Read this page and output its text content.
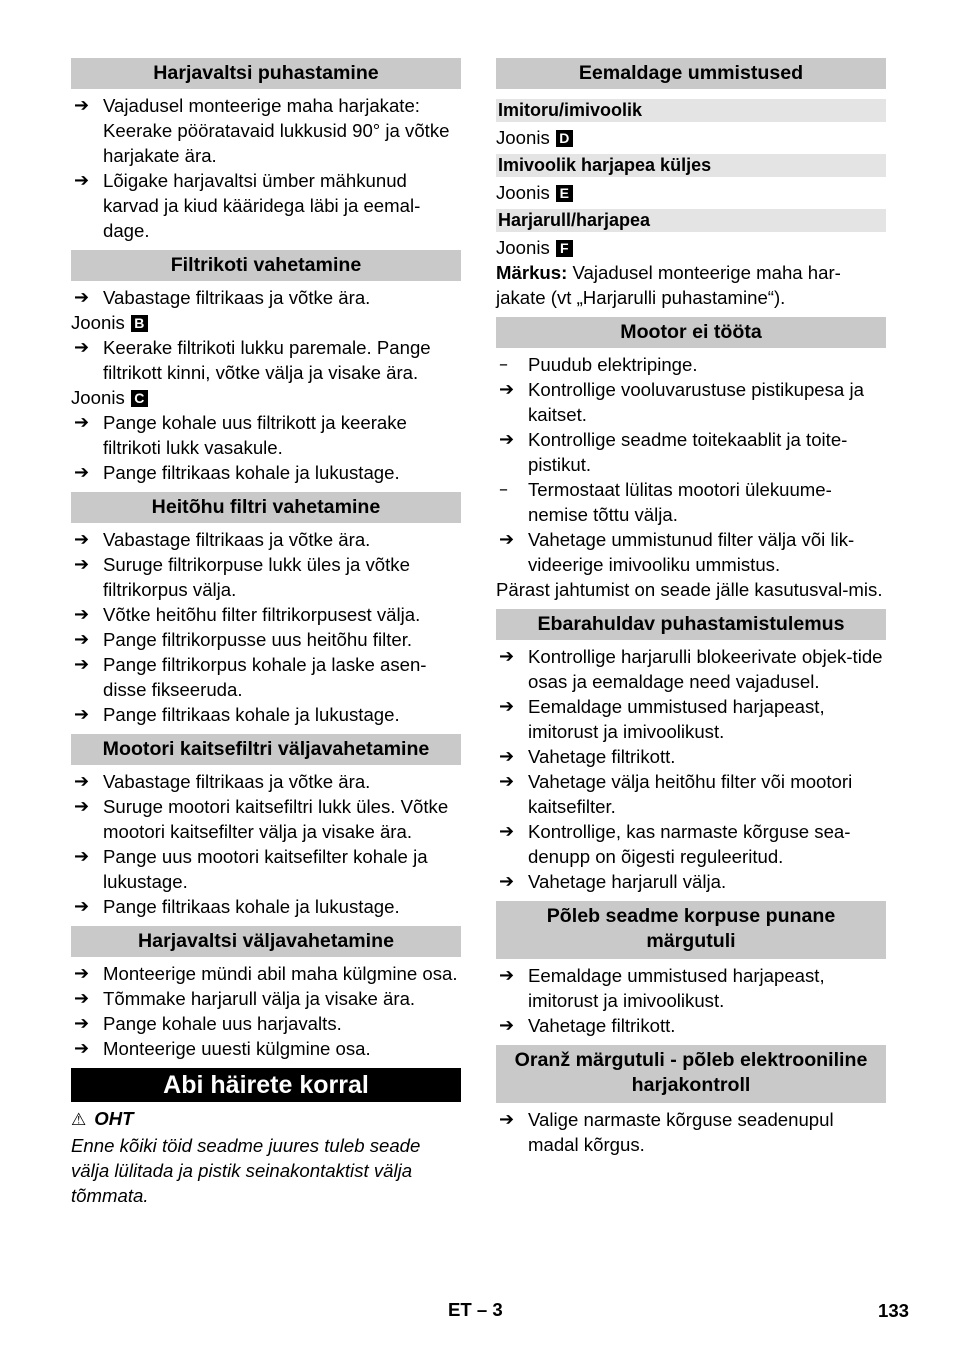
Harjavaltsi puhastamine
➔ Vajadusel monteerige maha harjakate: Keerake pööratavaid lukkusid 90° ja võtke harjakate ära.
➔ Lõigake harjavaltsi ümber mähkunud karvad ja kiud kääridega läbi ja eemal-dage.
Filtrikoti vahetamine
➔ Vabastage filtrikaas ja võtke ära.
Joonis B
➔ Keerake filtrikoti lukku paremale. Pange filtrikott kinni, võtke välja ja visake ära.
Joonis C
➔ Pange kohale uus filtrikott ja keerake filtrikoti lukk vasakule.
➔ Pange filtrikaas kohale ja lukustage.
Heitõhu filtri vahetamine
➔ Vabastage filtrikaas ja võtke ära.
➔ Suruge filtrikorpuse lukk üles ja võtke filtrikorpus välja.
➔ Võtke heitõhu filter filtrikorpusest välja.
➔ Pange filtrikorpusse uus heitõhu filter.
➔ Pange filtrikorpus kohale ja laske asen-disse fikseeruda.
➔ Pange filtrikaas kohale ja lukustage.
Mootori kaitsefiltri väljavahetamine
➔ Vabastage filtrikaas ja võtke ära.
➔ Suruge mootori kaitsefiltri lukk üles. Võtke mootori kaitsefilter välja ja visake ära.
➔ Pange uus mootori kaitsefilter kohale ja lukustage.
➔ Pange filtrikaas kohale ja lukustage.
Harjavaltsi väljavahetamine
➔ Monteerige mündi abil maha külgmine osa.
➔ Tõmmake harjarull välja ja visake ära.
➔ Pange kohale uus harjavalts.
➔ Monteerige uuesti külgmine osa.
Abi häirete korral
⚠ OHT
Enne kõiki töid seadme juures tuleb seade välja lülitada ja pistik seinakontaktist välja tõmmata.
Eemaldage ummistused
Imitoru/imivoolik
Joonis D
Imivoolik harjapea küljes
Joonis E
Harjarull/harjapea
Joonis F
Märkus: Vajadusel monteerige maha har-jakate (vt „Harjarulli puhastamine“).
Mootor ei tööta
–	Puudub elektripinge.
➔ Kontrollige vooluvarustuse pistikupesa ja kaitset.
➔ Kontrollige seadme toitekaablit ja toite-pistikut.
–	Termostaat lülitas mootori ülekuume-nemise tõttu välja.
➔ Vahetage ummistunud filter välja või lik-videerige imivooliku ummistus.
Pärast jahtumist on seade jälle kasutusval-mis.
Ebarahuldav puhastamistulemus
➔ Kontrollige harjarulli blokeerivate objek-tide osas ja eemaldage need vajadusel.
➔ Eemaldage ummistused harjapeast, imitorust ja imivoolikust.
➔ Vahetage filtrikott.
➔ Vahetage välja heitõhu filter või mootori kaitsefilter.
➔ Kontrollige, kas narmaste kõrguse sea-denupp on õigesti reguleeritud.
➔ Vahetage harjarull välja.
Põleb seadme korpuse punane märgutuli
➔ Eemaldage ummistused harjapeast, imitorust ja imivoolikust.
➔ Vahetage filtrikott.
Oranž märgutuli - põleb elektrooniline harjakontroll
➔ Valige narmaste kõrguse seadenupul madal kõrgus.
ET – 3	133
